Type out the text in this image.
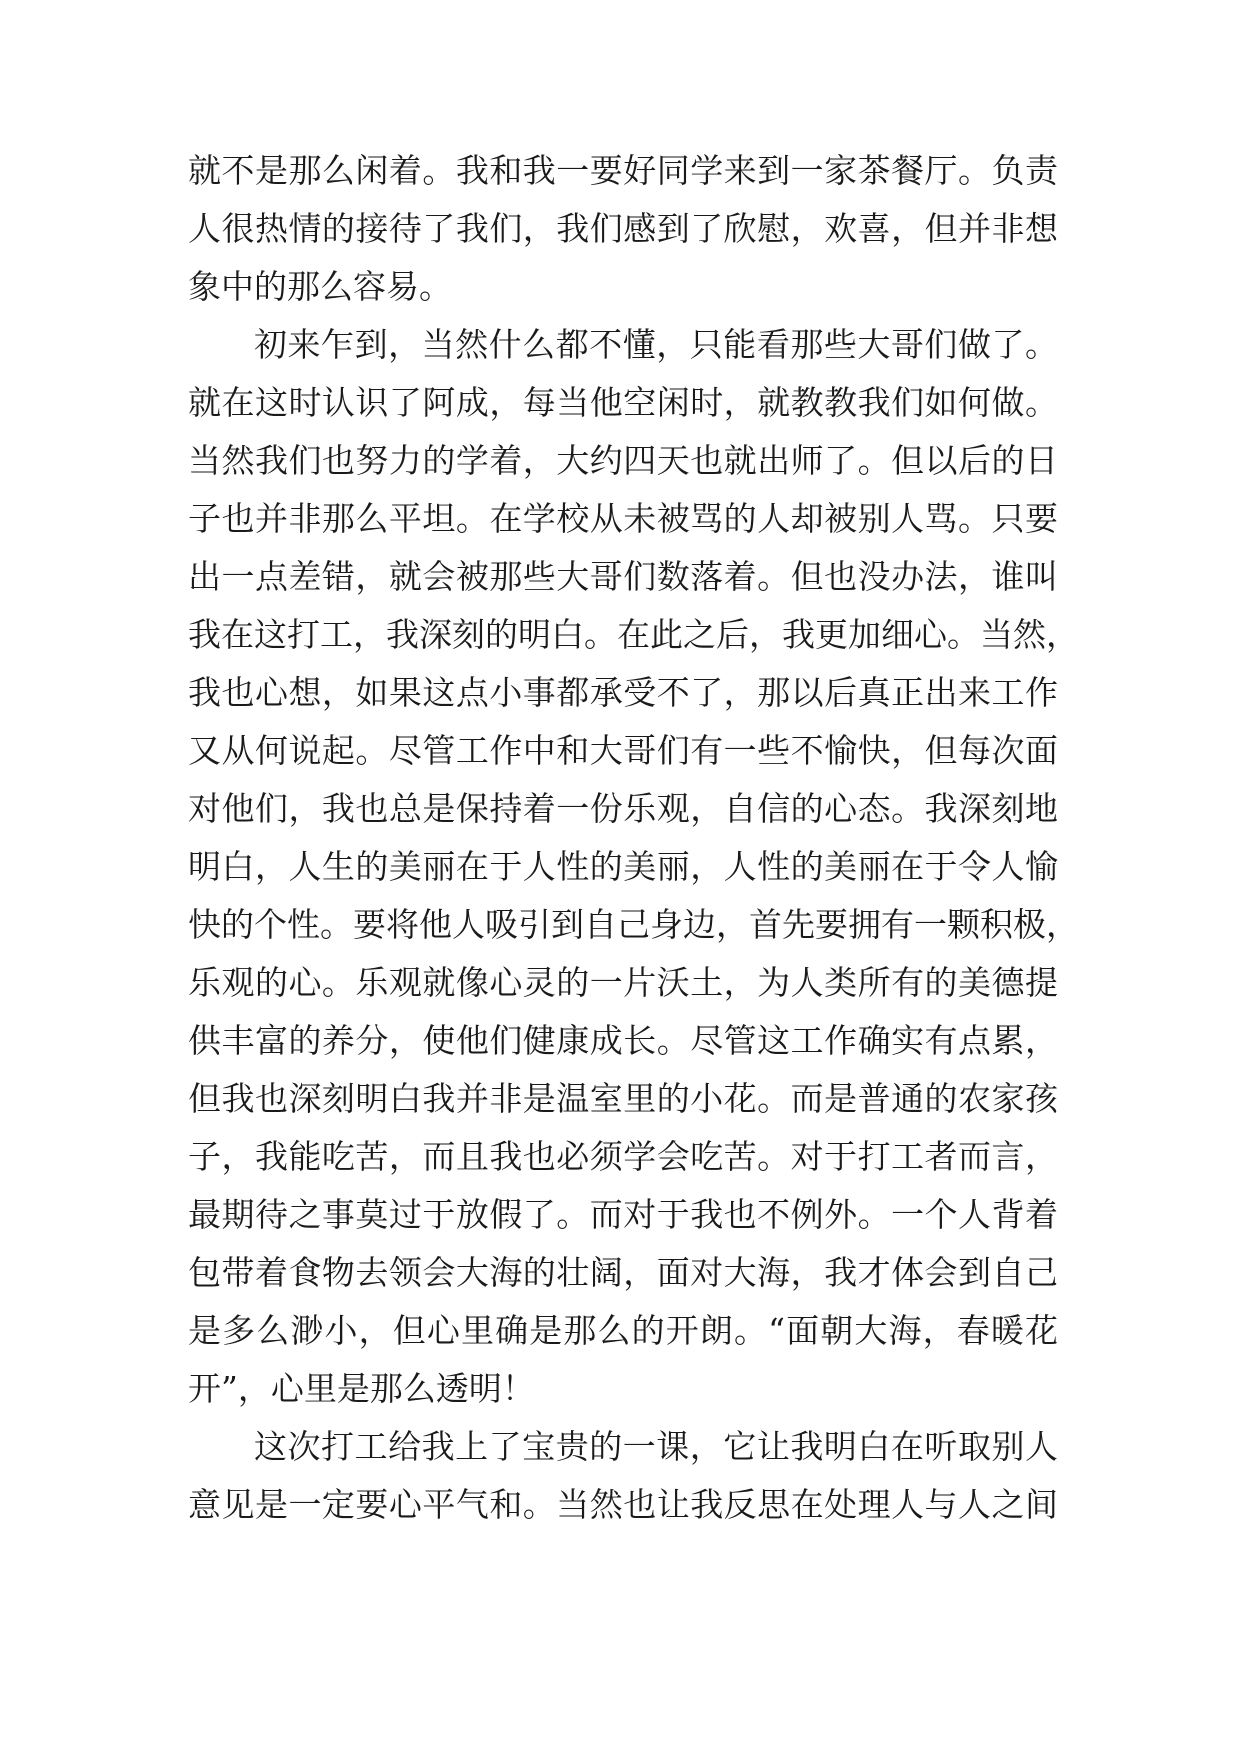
就不是那么闲着。我和我一要好同学来到一家茶餐厅。负责
人很热情的接待了我们，我们感到了欣慰，欢喜，但并非想
象中的那么容易。
初来乍到，当然什么都不懂，只能看那些大哥们做了。
就在这时认识了阿成，每当他空闲时，就教教我们如何做。
当然我们也努力的学着，大约四天也就出师了。但以后的日
子也并非那么平坦。在学校从未被骂的人却被别人骂。只要
出一点差错，就会被那些大哥们数落着。但也没办法，谁叫
我在这打工，我深刻的明白。在此之后，我更加细心。当然，
我也心想，如果这点小事都承受不了，那以后真正出来工作
又从何说起。尽管工作中和大哥们有一些不愉快，但每次面
对他们，我也总是保持着一份乐观，自信的心态。我深刻地
明白，人生的美丽在于人性的美丽，人性的美丽在于令人愉
快的个性。要将他人吸引到自己身边，首先要拥有一颗积极，
乐观的心。乐观就像心灵的一片沃土，为人类所有的美德提
供丰富的养分，使他们健康成长。尽管这工作确实有点累，
但我也深刻明白我并非是温室里的小花。而是普通的农家孩
子，我能吃苦，而且我也必须学会吃苦。对于打工者而言，
最期待之事莫过于放假了。而对于我也不例外。一个人背着
包带着食物去领会大海的壮阔，面对大海，我才体会到自己
是多么渺小，但心里确是那么的开朗。“面朝大海，春暖花
开”，心里是那么透明！
这次打工给我上了宝贵的一课，它让我明白在听取别人
意见是一定要心平气和。当然也让我反思在处理人与人之间
